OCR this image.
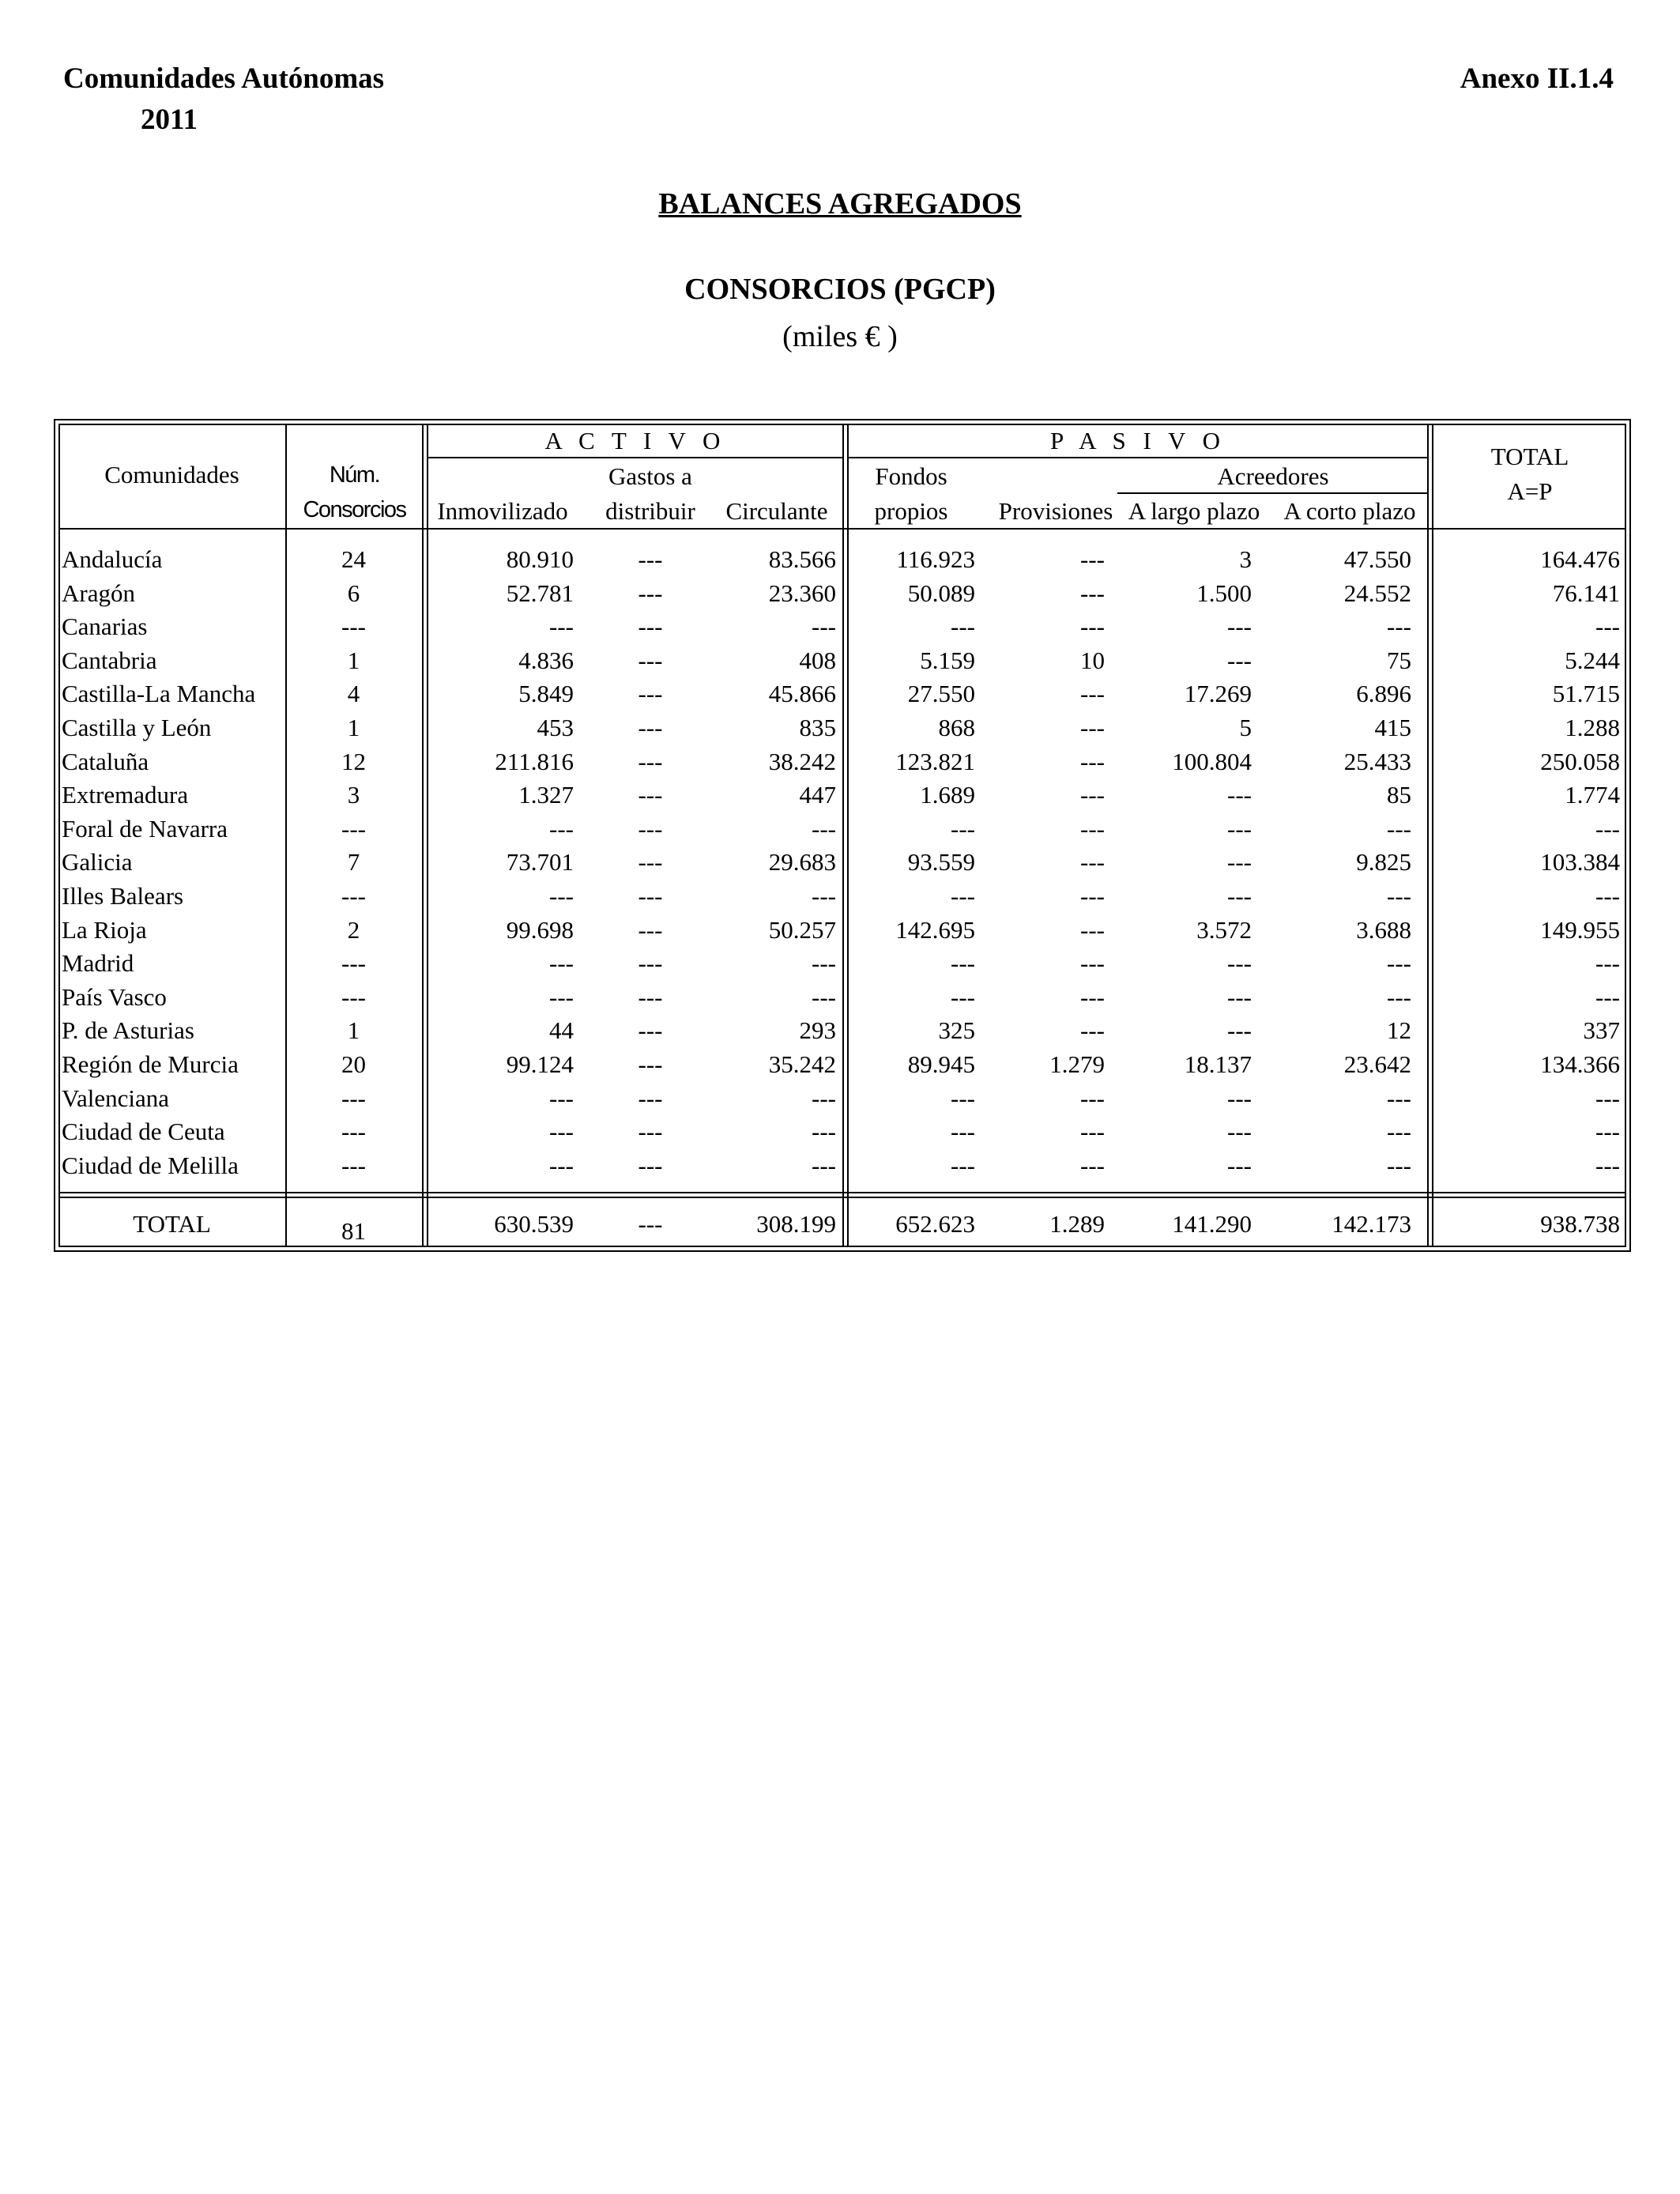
Comunidades Autónomas
2011
Anexo II.1.4
BALANCES AGREGADOS
CONSORCIOS (PGCP)
(miles € )
Comunidades	Núm.
Consorcios
A C T I V O
Inmovilizado
Gastos a
distribuir	Circulante
P A S I V O
Fondos
propios	Provisiones
Acreedores
A largo plazo A corto plazo
TOTAL
A=P
Andalucía	24	80.910	---	83.566	116.923	---	3	47.550	164.476
Aragón	6	52.781	---	23.360	50.089	---	1.500	24.552	76.141
Canarias	---	---	---	---	---	---	---	---	---
Cantabria	1	4.836	---	408	5.159	10	---	75	5.244
Castilla-La Mancha	4	5.849	---	45.866	27.550	---	17.269	6.896	51.715
Castilla y León	1	453	---	835	868	---	5	415	1.288
Cataluña	12	211.816	---	38.242	123.821	---	100.804	25.433	250.058
Extremadura	3	1.327	---	447	1.689	---	---	85	1.774
Foral de Navarra	---	---	---	---	---	---	---	---	---
Galicia	7	73.701	---	29.683	93.559	---	---	9.825	103.384
Illes Balears	---	---	---	---	---	---	---	---	---
La Rioja	2	99.698	---	50.257	142.695	---	3.572	3.688	149.955
Madrid	---	---	---	---	---	---	---	---	---
País Vasco	---	---	---	---	---	---	---	---	---
P. de Asturias	1	44	---	293	325	---	---	12	337
Región de Murcia	20	99.124	---	35.242	89.945	1.279	18.137	23.642	134.366
Valenciana	---	---	---	---	---	---	---	---	---
Ciudad de Ceuta	---	---	---	---	---	---	---	---	---
Ciudad de Melilla	---	---	---	---	---	---	---	---	---
TOTAL	81	630.539	---	308.199	652.623	1.289	141.290	142.173	938.738
